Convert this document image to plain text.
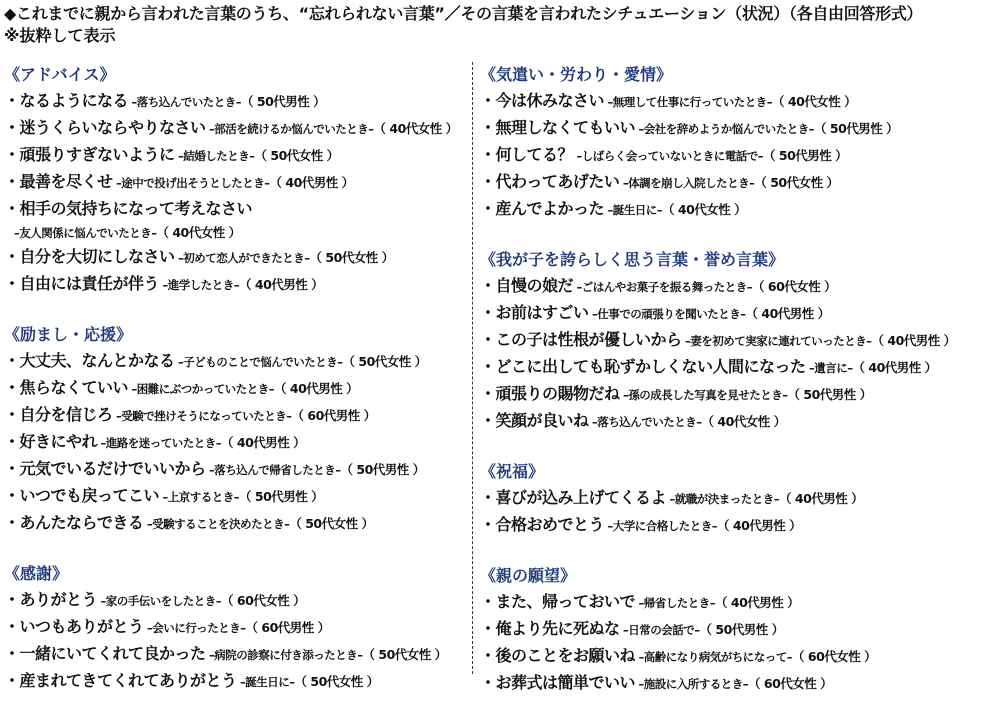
◆これまでに親から言われた言葉のうち、“忘れられない言葉”／その言葉を言われたシチュエーション（状況）（各自由回答形式）
※抜粋して表示
《アドバイス》
・なるようになる –落ち込んでいたとき–（ 50代男性 ）
・迷うくらいならやりなさい –部活を続けるか悩んでいたとき–（ 40代女性 ）
・頑張りすぎないように –結婚したとき–（ 50代女性 ）
・最善を尽くせ –途中で投げ出そうとしたとき–（ 40代男性 ）
・相手の気持ちになって考えなさい
–友人関係に悩んでいたとき–（ 40代女性 ）
・自分を大切にしなさい –初めて恋人ができたとき–（ 50代女性 ）
・自由には責任が伴う –進学したとき–（ 40代男性 ）
《励まし・応援》
・大丈夫、なんとかなる –子どものことで悩んでいたとき–（ 50代女性 ）
・焦らなくていい –困難にぶつかっていたとき–（ 40代男性 ）
・自分を信じろ –受験で挫けそうになっていたとき–（ 60代男性 ）
・好きにやれ –進路を迷っていたとき–（ 40代男性 ）
・元気でいるだけでいいから –落ち込んで帰省したとき–（ 50代男性 ）
・いつでも戻ってこい –上京するとき–（ 50代男性 ）
・あんたならできる –受験することを決めたとき–（ 50代女性 ）
《感謝》
・ありがとう –家の手伝いをしたとき–（ 60代女性 ）
・いつもありがとう –会いに行ったとき–（ 60代男性 ）
・一緒にいてくれて良かった –病院の診察に付き添ったとき–（ 50代女性 ）
・産まれてきてくれてありがとう –誕生日に–（ 50代女性 ）
《気遣い・労わり・愛情》
・今は休みなさい –無理して仕事に行っていたとき–（ 40代女性 ）
・無理しなくてもいい –会社を辞めようか悩んでいたとき–（ 50代男性 ）
・何してる？ –しばらく会っていないときに電話で–（ 50代男性 ）
・代わってあげたい –体調を崩し入院したとき–（ 50代女性 ）
・産んでよかった –誕生日に–（ 40代女性 ）
《我が子を誇らしく思う言葉・誉め言葉》
・自慢の娘だ –ごはんやお菓子を振る舞ったとき–（ 60代女性 ）
・お前はすごい –仕事での頑張りを聞いたとき–（ 40代男性 ）
・この子は性根が優しいから –妻を初めて実家に連れていったとき–（ 40代男性 ）
・どこに出しても恥ずかしくない人間になった –遺言に–（ 40代男性 ）
・頑張りの賜物だね –孫の成長した写真を見せたとき–（ 50代男性 ）
・笑顔が良いね –落ち込んでいたとき–（ 40代女性 ）
《祝福》
・喜びが込み上げてくるよ –就職が決まったとき–（ 40代男性 ）
・合格おめでとう –大学に合格したとき–（ 40代男性 ）
《親の願望》
・また、帰っておいで –帰省したとき–（ 40代男性 ）
・俺より先に死ぬな –日常の会話で–（ 50代男性 ）
・後のことをお願いね –高齢になり病気がちになって–（ 60代女性 ）
・お葬式は簡単でいい –施設に入所するとき–（ 60代女性 ）
